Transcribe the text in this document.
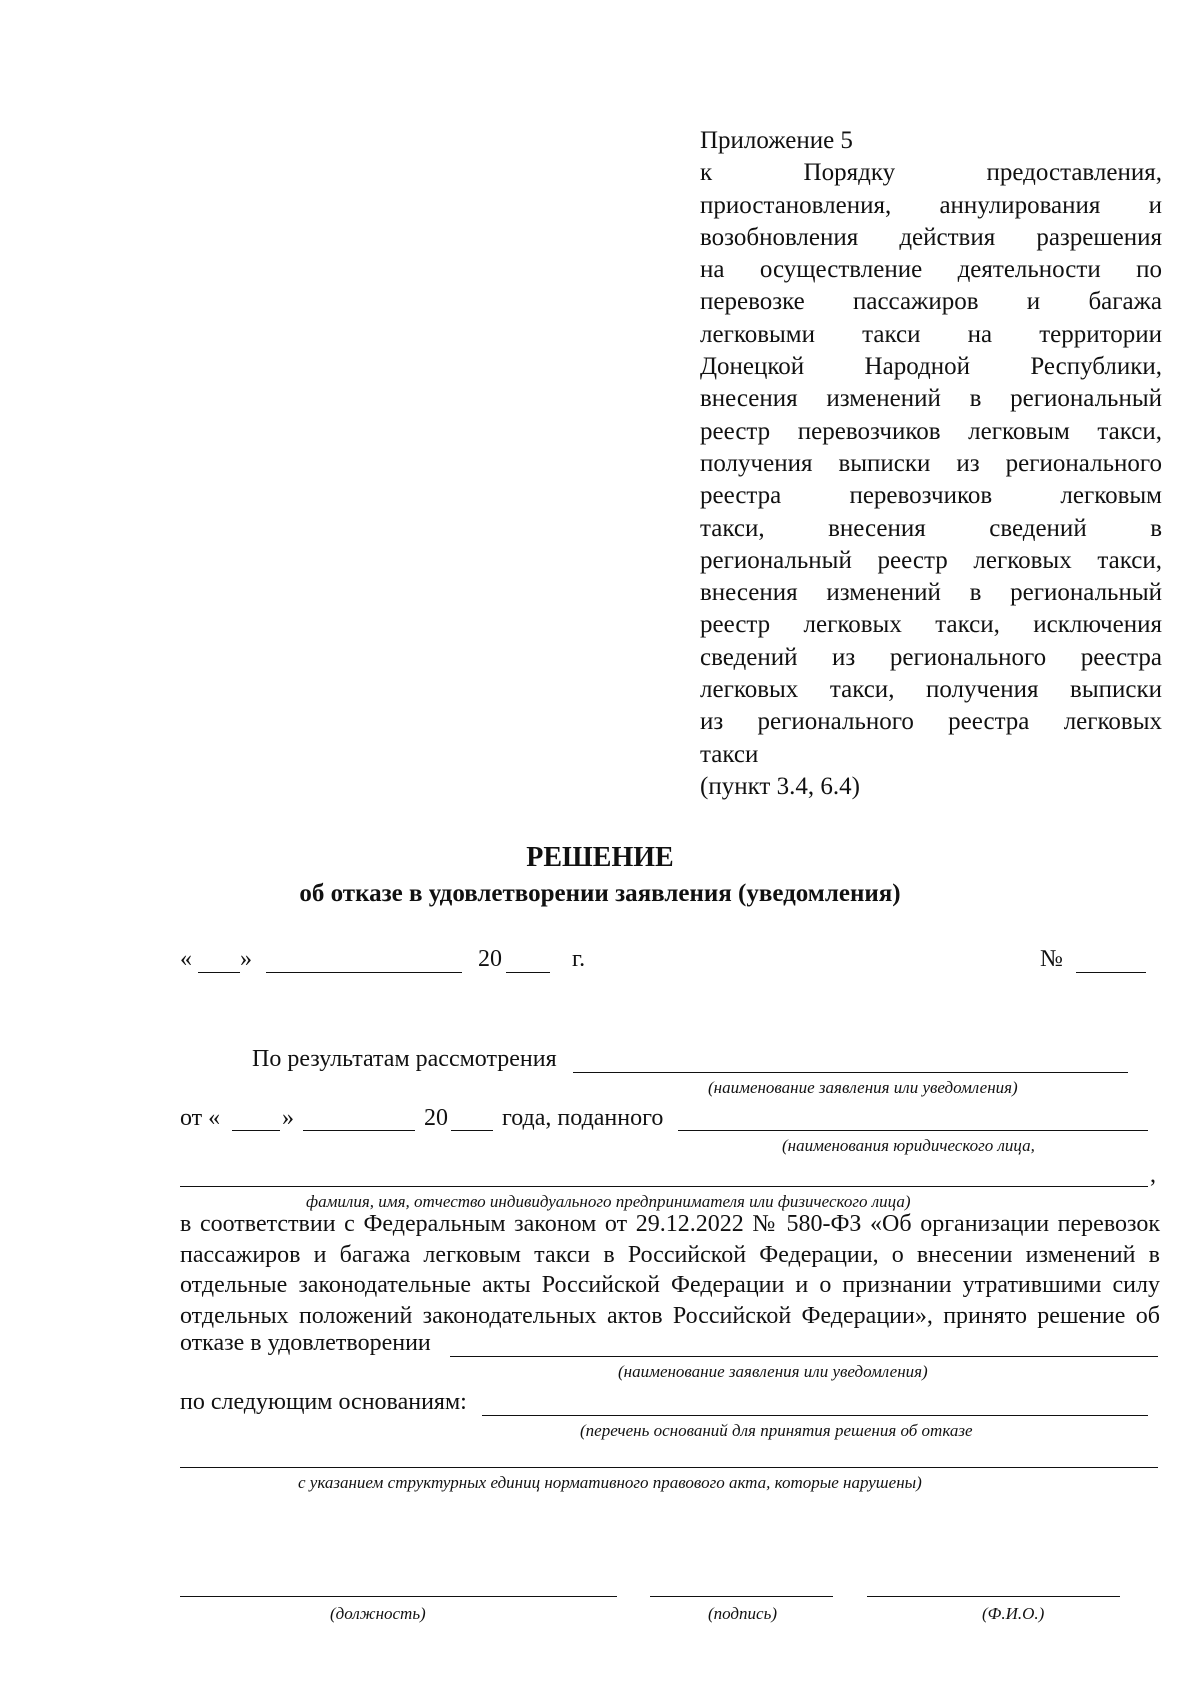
Приложение 5
к Порядку предоставления,
приостановления, аннулирования и
возобновления действия разрешения
на осуществление деятельности по
перевозке пассажиров и багажа
легковыми такси на территории
Донецкой Народной Республики,
внесения изменений в региональный
реестр перевозчиков легковым такси,
получения выписки из регионального
реестра перевозчиков легковым
такси, внесения сведений в
региональный реестр легковых такси,
внесения изменений в региональный
реестр легковых такси, исключения
сведений из регионального реестра
легковых такси, получения выписки
из регионального реестра легковых
такси
(пункт 3.4, 6.4)
РЕШЕНИЕ
об отказе в удовлетворении заявления (уведомления)
« »	20	г.	№
По результатам рассмотрения
(наименование заявления или уведомления)
от «	»	20 года, поданного
(наименования юридического лица,
,
фамилия, имя, отчество индивидуального предпринимателя или физического лица)
в соответствии с Федеральным законом от 29.12.2022 № 580-ФЗ «Об организации перевозок
пассажиров и багажа легковым такси в Российской Федерации, о внесении изменений в
отдельные законодательные акты Российской Федерации и о признании утратившими силу
отдельных положений законодательных актов Российской Федерации», принято решение об
отказе в удовлетворении
(наименование заявления или уведомления)
по следующим основаниям:
(перечень оснований для принятия решения об отказе
с указанием структурных единиц нормативного правового акта, которые нарушены)
(должность)	(подпись)	(Ф.И.О.)
